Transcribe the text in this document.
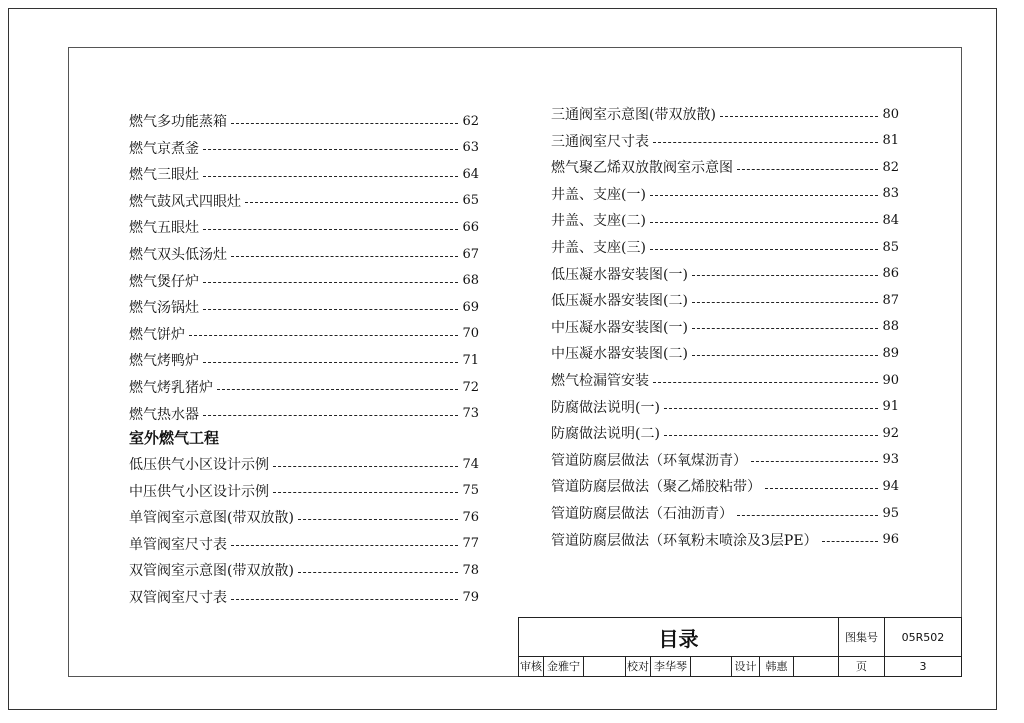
燃气多功能蒸箱	62
燃气京煮釜	63
燃气三眼灶	64
燃气鼓风式四眼灶	65
燃气五眼灶	66
燃气双头低汤灶	67
燃气煲仔炉	68
燃气汤锅灶	69
燃气饼炉	70
燃气烤鸭炉	71
燃气烤乳猪炉	72
燃气热水器	73
室外燃气工程
低压供气小区设计示例	74
中压供气小区设计示例	75
单管阀室示意图(带双放散)	76
单管阀室尺寸表	77
双管阀室示意图(带双放散)	78
双管阀室尺寸表	79
三通阀室示意图(带双放散)	80
三通阀室尺寸表	81
燃气聚乙烯双放散阀室示意图	82
井盖、支座(一)	83
井盖、支座(二)	84
井盖、支座(三)	85
低压凝水器安装图(一)	86
低压凝水器安装图(二)	87
中压凝水器安装图(一)	88
中压凝水器安装图(二)	89
燃气检漏管安装	90
防腐做法说明(一)	91
防腐做法说明(二)	92
管道防腐层做法（环氧煤沥青）	93
管道防腐层做法（聚乙烯胶粘带）	94
管道防腐层做法（石油沥青）	95
管道防腐层做法（环氧粉末喷涂及3层PE）	96
目录	图集号	05R502
审核 金雅宁	校对 李华琴	设计 韩惠	页	3
